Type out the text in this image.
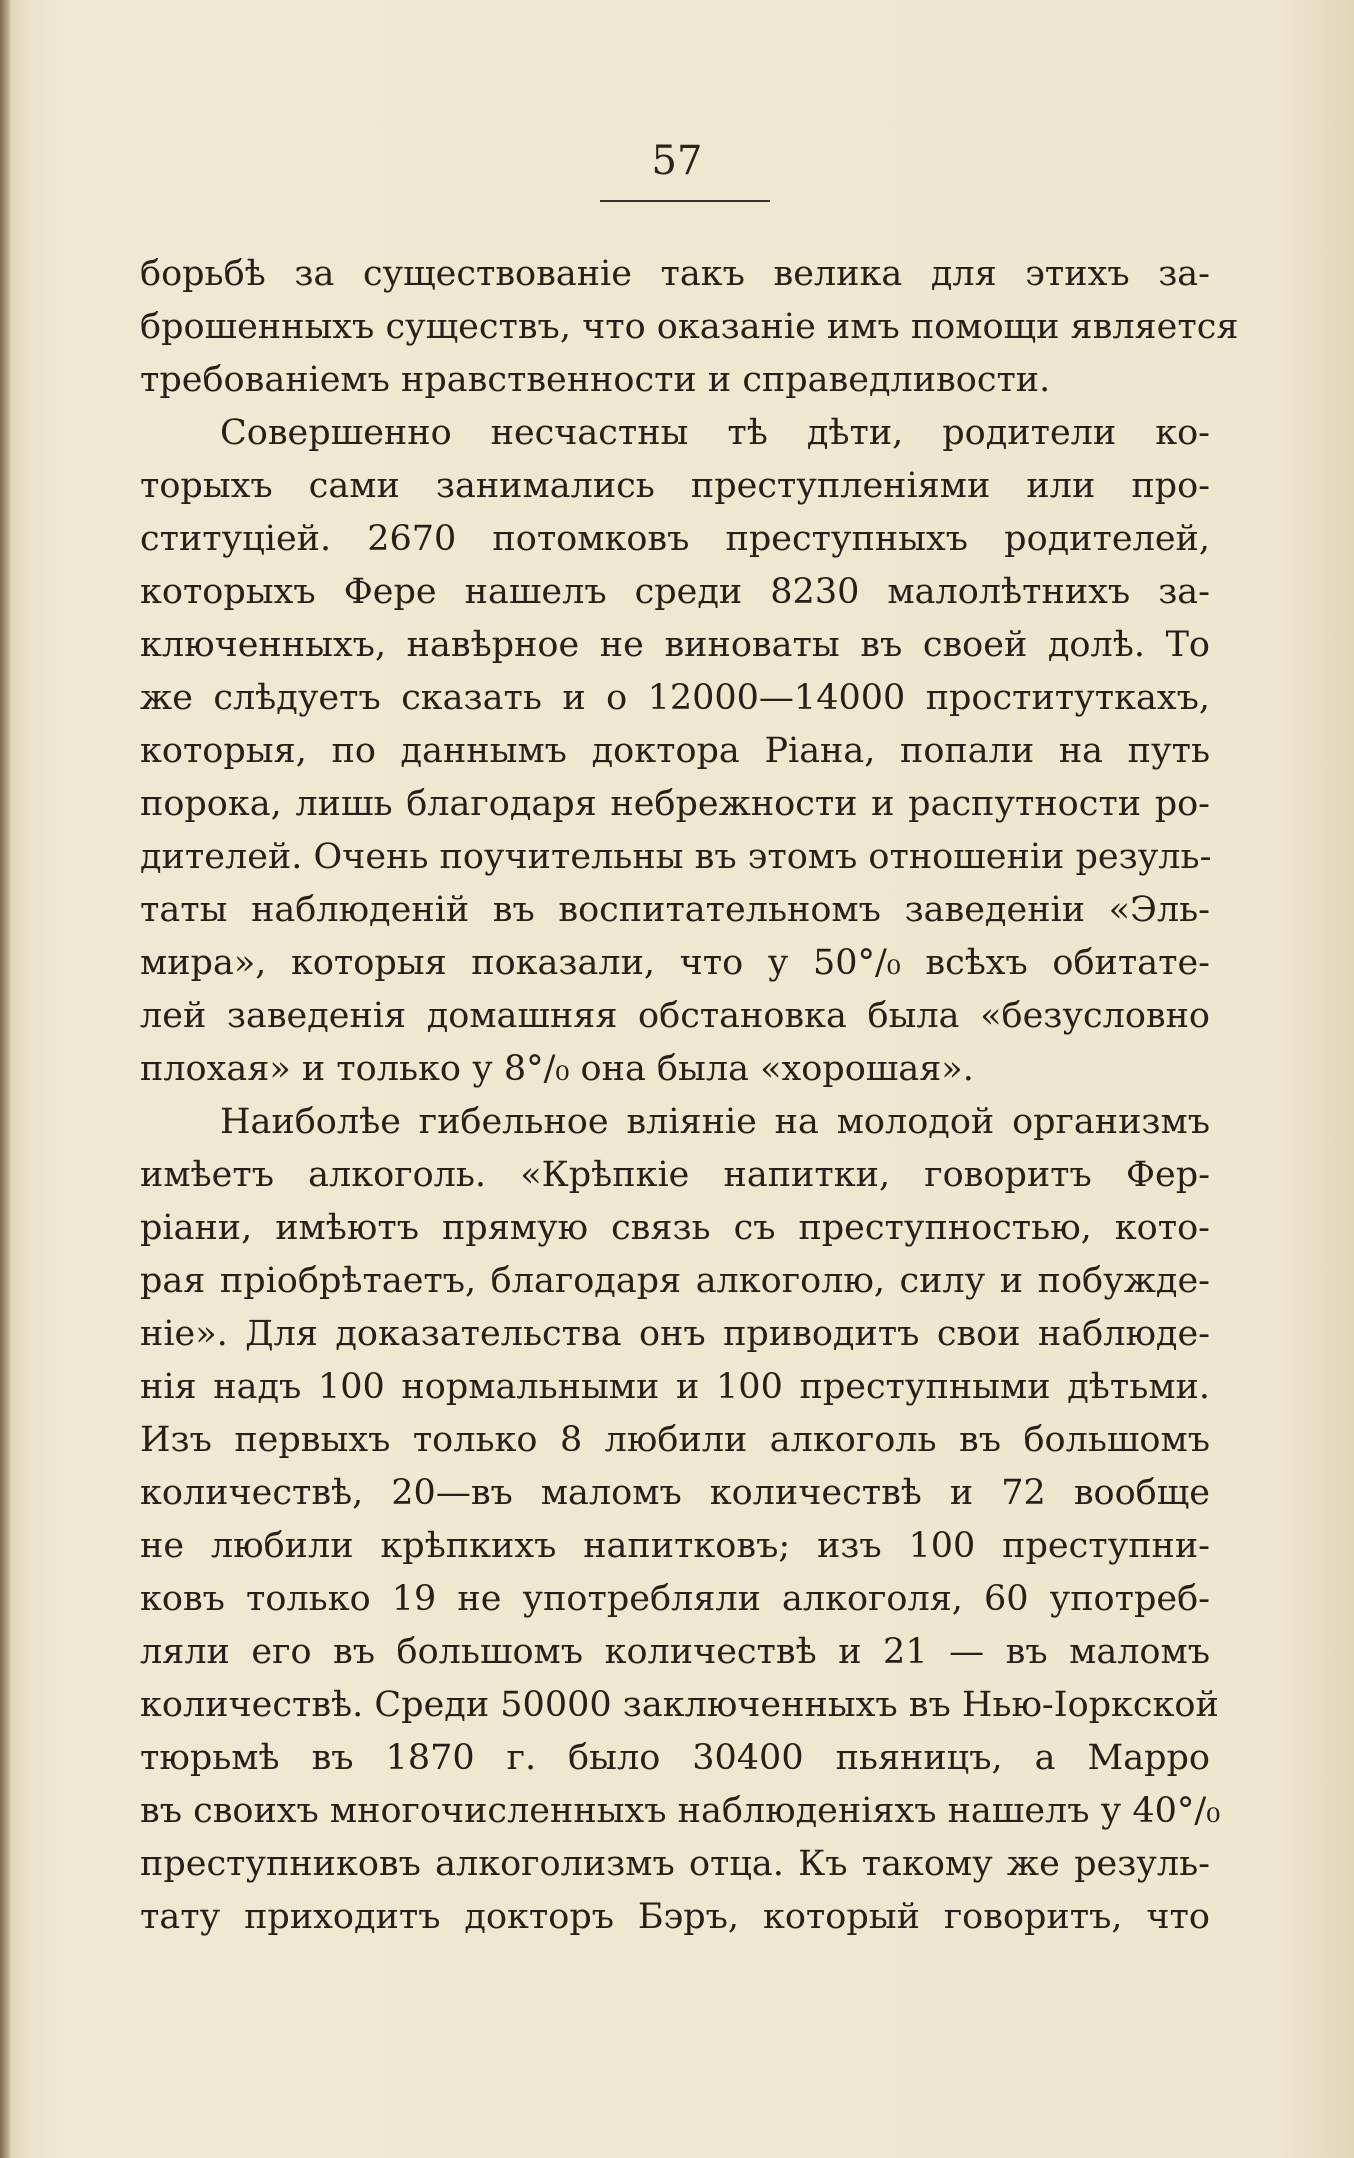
57
борьбѣ за существованіе такъ велика для этихъ за-
брошенныхъ существъ, что оказаніе имъ помощи является
требованіемъ нравственности и справедливости.
Совершенно несчастны тѣ дѣти, родители ко-
торыхъ сами занимались преступленіями или про-
ституціей. 2670 потомковъ преступныхъ родителей,
которыхъ Фере нашелъ среди 8230 малолѣтнихъ за-
ключенныхъ, навѣрное не виноваты въ своей долѣ. То
же слѣдуетъ сказать и о 12000—14000 проституткахъ,
которыя, по даннымъ доктора Ріана, попали на путь
порока, лишь благодаря небрежности и распутности ро-
дителей. Очень поучительны въ этомъ отношеніи резуль-
таты наблюденій въ воспитательномъ заведеніи «Эль-
мира», которыя показали, что у 50°/₀ всѣхъ обитате-
лей заведенія домашняя обстановка была «безусловно
плохая» и только у 8°/₀ она была «хорошая».
Наиболѣе гибельное вліяніе на молодой организмъ
имѣетъ алкоголь. «Крѣпкіе напитки, говоритъ Фер-
ріани, имѣютъ прямую связь съ преступностью, кото-
рая пріобрѣтаетъ, благодаря алкоголю, силу и побужде-
ніе». Для доказательства онъ приводитъ свои наблюде-
нія надъ 100 нормальными и 100 преступными дѣтьми.
Изъ первыхъ только 8 любили алкоголь въ большомъ
количествѣ, 20—въ маломъ количествѣ и 72 вообще
не любили крѣпкихъ напитковъ; изъ 100 преступни-
ковъ только 19 не употребляли алкоголя, 60 употреб-
ляли его въ большомъ количествѣ и 21 — въ маломъ
количествѣ. Среди 50000 заключенныхъ въ Нью-Іоркской
тюрьмѣ въ 1870 г. было 30400 пьяницъ, а Марро
въ своихъ многочисленныхъ наблюденіяхъ нашелъ у 40°/₀
преступниковъ алкоголизмъ отца. Къ такому же резуль-
тату приходитъ докторъ Бэръ, который говоритъ, что
